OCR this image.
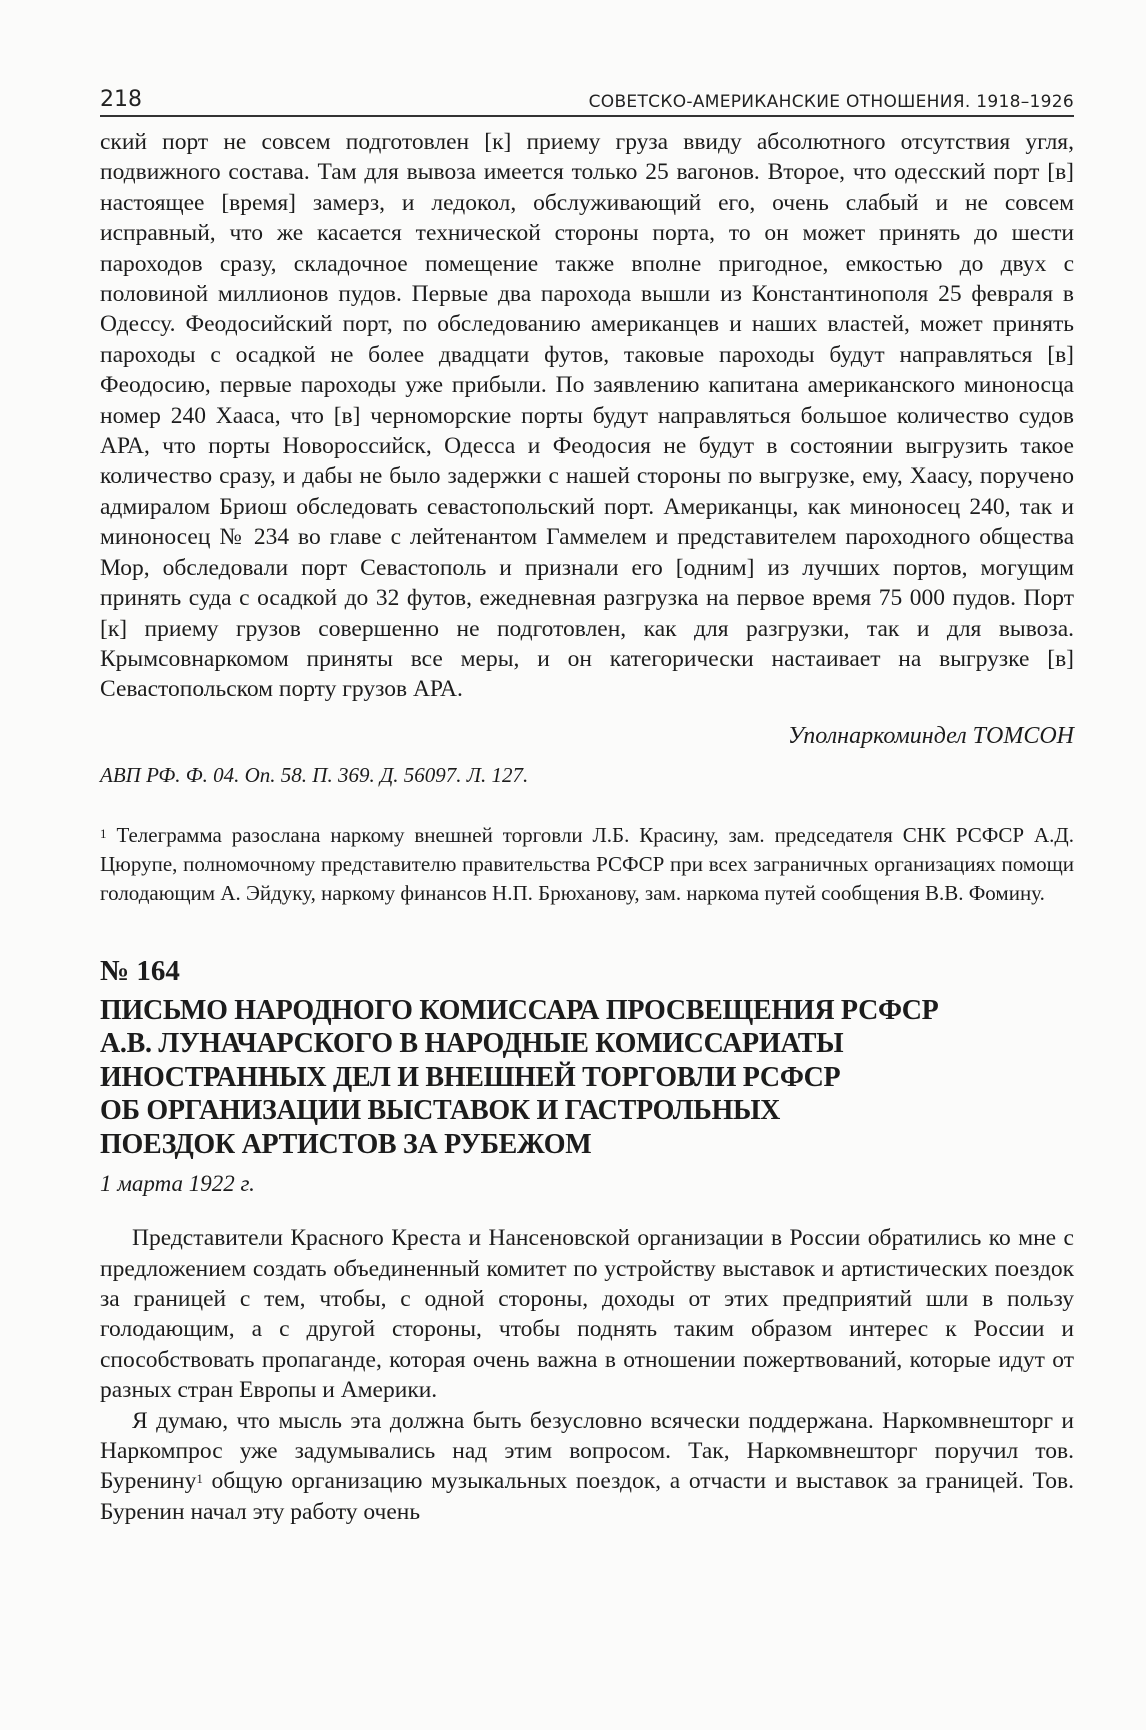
218	СОВЕТСКО-АМЕРИКАНСКИЕ ОТНОШЕНИЯ. 1918–1926

ский порт не совсем подготовлен [к] приему груза ввиду абсолютного отсутствия угля, подвижного состава. Там для вывоза имеется только 25 вагонов. Второе, что одесский порт [в] настоящее [время] замерз, и ледокол, обслуживающий его, очень слабый и не совсем исправный, что же касается технической стороны порта, то он может принять до шести пароходов сразу, складочное помещение также вполне пригодное, емкостью до двух с половиной миллионов пудов. Первые два парохода вышли из Константинополя 25 февраля в Одессу. Феодосийский порт, по обследованию американцев и наших властей, может принять пароходы с осадкой не более двадцати футов, таковые пароходы будут направляться [в] Феодосию, первые пароходы уже прибыли. По заявлению капитана американского миноносца номер 240 Хааса, что [в] черноморские порты будут направляться большое количество судов АРА, что порты Новороссийск, Одесса и Феодосия не будут в состоянии выгрузить такое количество сразу, и дабы не было задержки с нашей стороны по выгрузке, ему, Хаасу, поручено адмиралом Бриош обследовать севастопольский порт. Американцы, как миноносец 240, так и миноносец № 234 во главе с лейтенантом Гаммелем и представителем пароходного общества Мор, обследовали порт Севастополь и признали его [одним] из лучших портов, могущим принять суда с осадкой до 32 футов, ежедневная разгрузка на первое время 75 000 пудов. Порт [к] приему грузов совершенно не подготовлен, как для разгрузки, так и для вывоза. Крымсовнаркомом приняты все меры, и он категорически настаивает на выгрузке [в] Севастопольском порту грузов АРА.

Уполнаркоминдел ТОМСОН
АВП РФ. Ф. 04. Оп. 58. П. 369. Д. 56097. Л. 127.
$^1$ Телеграмма разослана наркому внешней торговли Л.Б. Красину, зам. председателя СНК РСФСР А.Д. Цюрупе, полномочному представителю правительства РСФСР при всех заграничных организациях помощи голодающим А. Эйдуку, наркому финансов Н.П. Брюханову, зам. наркома путей сообщения В.В. Фомину.
№ 164
ПИСЬМО НАРОДНОГО КОМИССАРА ПРОСВЕЩЕНИЯ РСФСР
А.В. ЛУНАЧАРСКОГО В НАРОДНЫЕ КОМИССАРИАТЫ
ИНОСТРАННЫХ ДЕЛ И ВНЕШНЕЙ ТОРГОВЛИ РСФСР
ОБ ОРГАНИЗАЦИИ ВЫСТАВОК И ГАСТРОЛЬНЫХ
ПОЕЗДОК АРТИСТОВ ЗА РУБЕЖОМ
1 марта 1922 г.

Представители Красного Креста и Нансеновской организации в России обратились ко мне с предложением создать объединенный комитет по устройству выставок и артистических поездок за границей с тем, чтобы, с одной стороны, доходы от этих предприятий шли в пользу голодающим, а с другой стороны, чтобы поднять таким образом интерес к России и способствовать пропаганде, которая очень важна в отношении пожертвований, которые идут от разных стран Европы и Америки.

Я думаю, что мысль эта должна быть безусловно всячески поддержана. Наркомвнешторг и Наркомпрос уже задумывались над этим вопросом. Так, Наркомвнешторг поручил тов. Буренину$^1$ общую организацию музыкальных поездок, а отчасти и выставок за границей. Тов. Буренин начал эту работу очень
